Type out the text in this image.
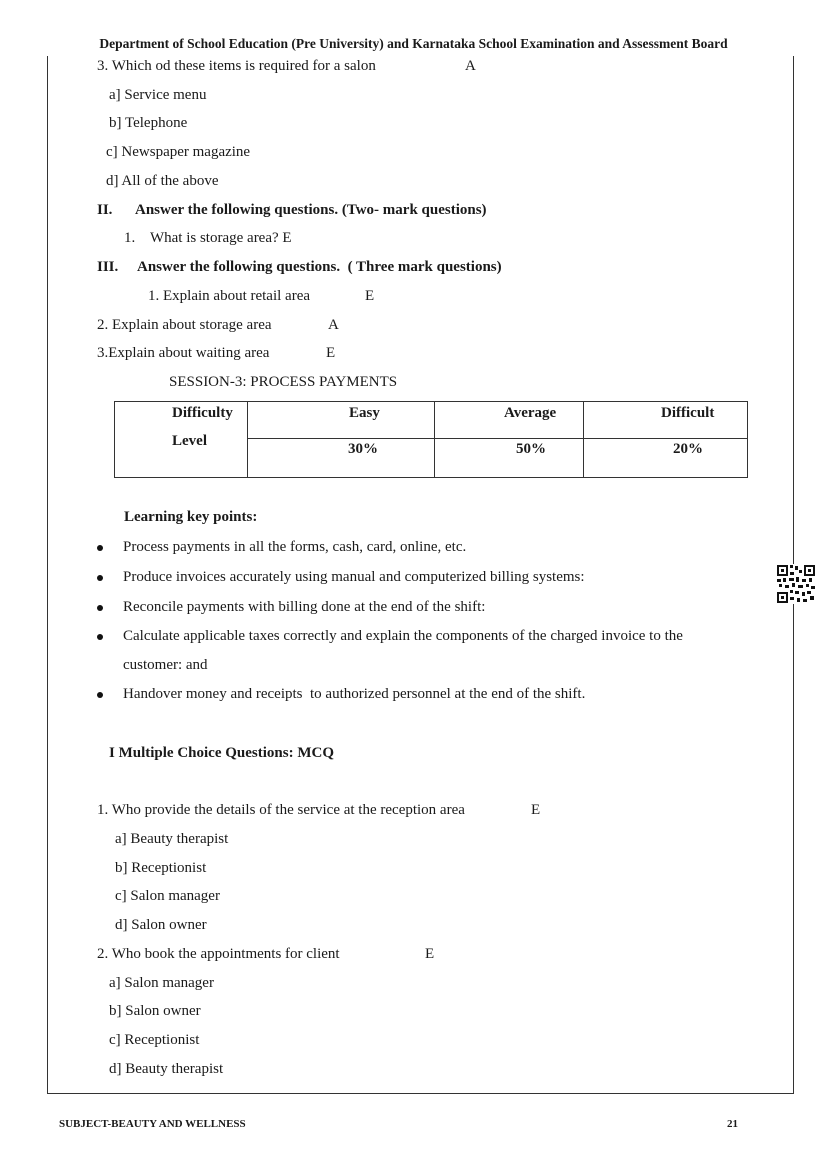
Department of School Education (Pre University) and Karnataka School Examination and Assessment Board
3. Which od these items is required for a salon	A
a] Service menu
b] Telephone
c] Newspaper magazine
d] All of the above
II. Answer the following questions. (Two- mark questions)
1.    What is storage area? E
III. Answer the following questions.  ( Three mark questions)
1. Explain about retail area	E
2. Explain about storage area	A
3.Explain about waiting area	E
SESSION-3: PROCESS PAYMENTS
Difficulty
Level	Easy	Average	Difficult

	30%	50%	20%
Learning key points:
Process payments in all the forms, cash, card, online, etc.
Produce invoices accurately using manual and computerized billing systems:
Reconcile payments with billing done at the end of the shift:
Calculate applicable taxes correctly and explain the components of the charged invoice to the
customer: and
Handover money and receipts  to authorized personnel at the end of the shift.
I Multiple Choice Questions: MCQ
1. Who provide the details of the service at the reception area	E
a] Beauty therapist
b] Receptionist
c] Salon manager
d] Salon owner
2. Who book the appointments for client	E
a] Salon manager
b] Salon owner
c] Receptionist
d] Beauty therapist
SUBJECT-BEAUTY AND WELLNESS	21
